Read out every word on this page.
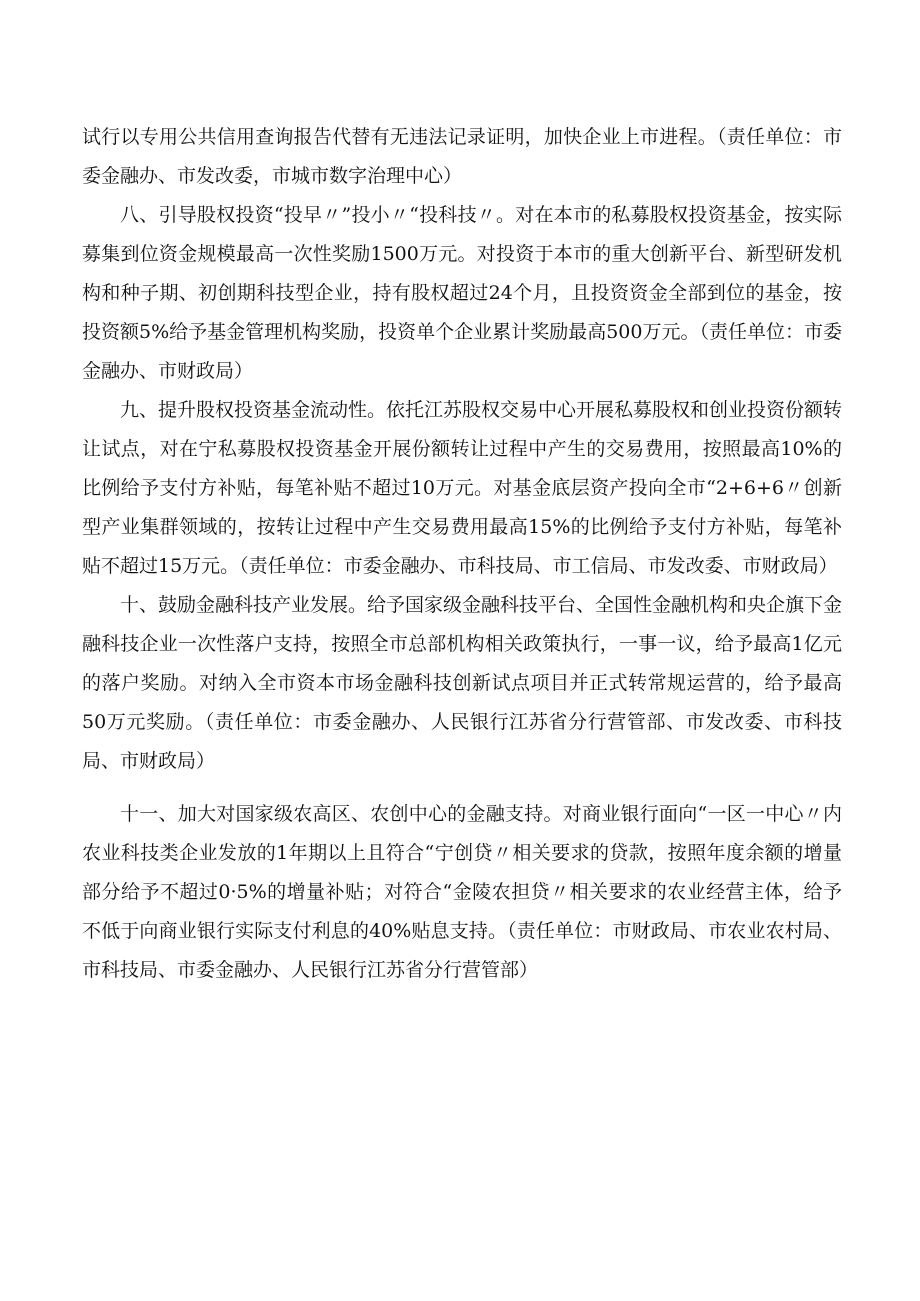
试行以专用公共信用查询报告代替有无违法记录证明，加快企业上市进程。（责任单位：市委金融办、市发改委，市城市数字治理中心）

八、引导股权投资“投早〃”投小〃“投科技〃。对在本市的私募股权投资基金，按实际募集到位资金规模最高一次性奖励1500万元。对投资于本市的重大创新平台、新型研发机构和种子期、初创期科技型企业，持有股权超过24个月，且投资资金全部到位的基金，按投资额5%给予基金管理机构奖励，投资单个企业累计奖励最高500万元。（责任单位：市委金融办、市财政局）

九、提升股权投资基金流动性。依托江苏股权交易中心开展私募股权和创业投资份额转让试点，对在宁私募股权投资基金开展份额转让过程中产生的交易费用，按照最高10%的比例给予支付方补贴，每笔补贴不超过10万元。对基金底层资产投向全市“2+6+6〃创新型产业集群领域的，按转让过程中产生交易费用最高15%的比例给予支付方补贴，每笔补贴不超过15万元。（责任单位：市委金融办、市科技局、市工信局、市发改委、市财政局）

十、鼓励金融科技产业发展。给予国家级金融科技平台、全国性金融机构和央企旗下金融科技企业一次性落户支持，按照全市总部机构相关政策执行，一事一议，给予最高1亿元的落户奖励。对纳入全市资本市场金融科技创新试点项目并正式转常规运营的，给予最高50万元奖励。（责任单位：市委金融办、人民银行江苏省分行营管部、市发改委、市科技局、市财政局）

十一、加大对国家级农高区、农创中心的金融支持。对商业银行面向“一区一中心〃内农业科技类企业发放的1年期以上且符合“宁创贷〃相关要求的贷款，按照年度余额的增量部分给予不超过0·5%的增量补贴；对符合“金陵农担贷〃相关要求的农业经营主体，给予不低于向商业银行实际支付利息的40%贴息支持。（责任单位：市财政局、市农业农村局、市科技局、市委金融办、人民银行江苏省分行营管部）
